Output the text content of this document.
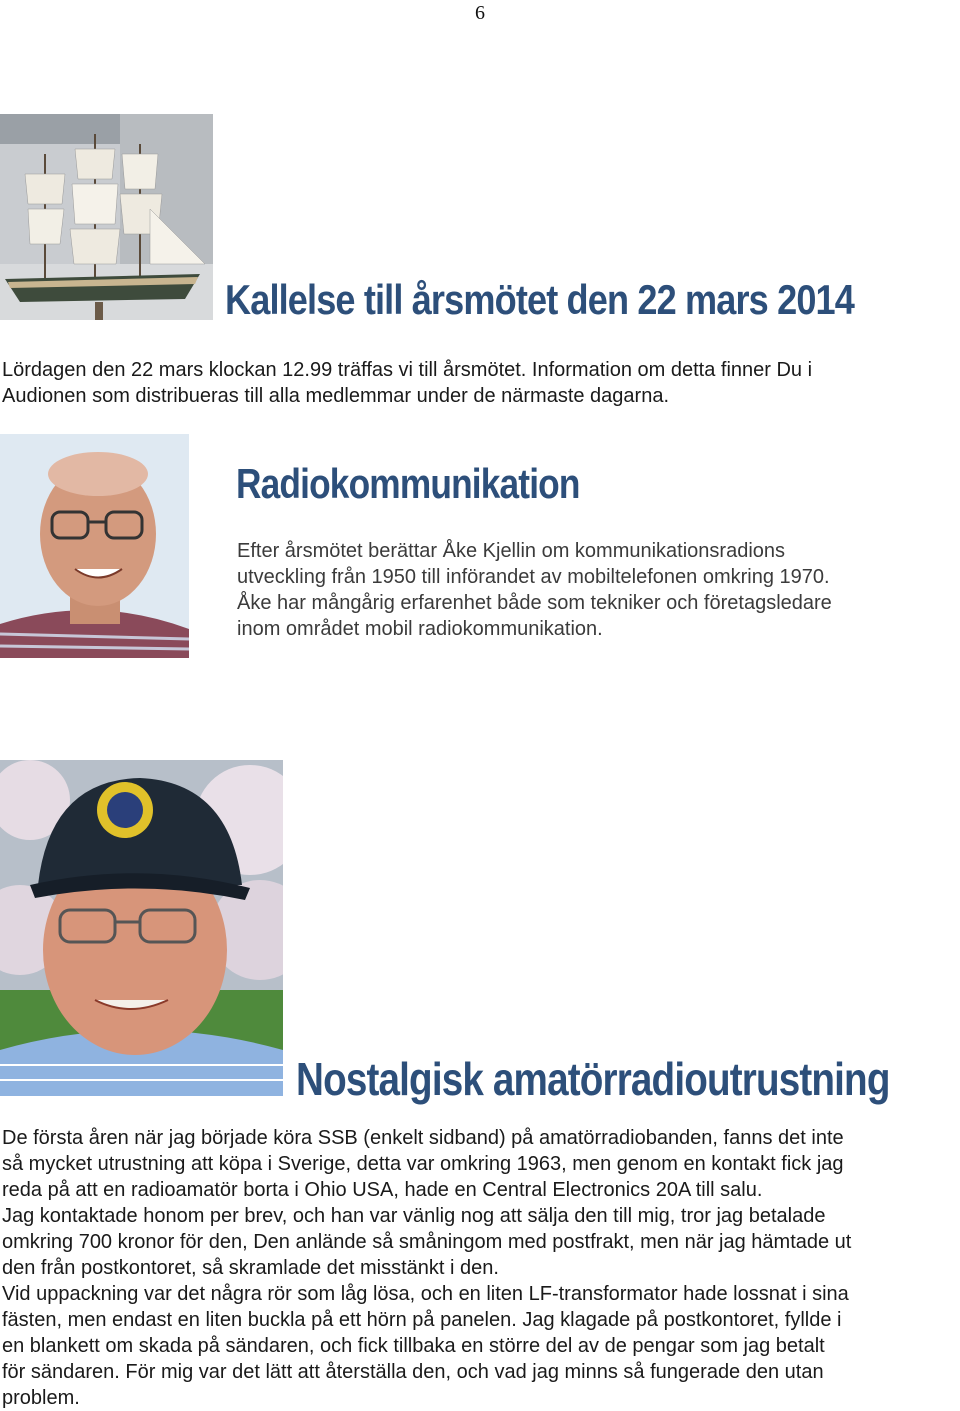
6
Kallelse till årsmötet den 22 mars 2014
Lördagen den 22 mars klockan 12.99 träffas vi till årsmötet. Information om detta finner Du i
Audionen som distribueras till alla medlemmar under de närmaste dagarna.
Radiokommunikation
Efter årsmötet berättar Åke Kjellin om kommunikationsradions
utveckling från 1950 till införandet av mobiltelefonen omkring 1970.
Åke har mångårig erfarenhet både som tekniker och företagsledare
inom området mobil radiokommunikation.
Nostalgisk amatörradioutrustning
De första åren när jag började köra SSB (enkelt sidband) på amatörradiobanden, fanns det inte
så mycket utrustning att köpa i Sverige, detta var omkring 1963, men genom en kontakt fick jag
reda på att en radioamatör borta i Ohio USA, hade en Central Electronics 20A till salu.
Jag kontaktade honom per brev, och han var vänlig nog att sälja den till mig, tror jag betalade
omkring 700 kronor för den, Den anlände så småningom med postfrakt, men när jag hämtade ut
den från postkontoret, så skramlade det misstänkt i den.
Vid uppackning var det några rör som låg lösa, och en liten LF-transformator hade lossnat i sina
fästen, men endast en liten buckla på ett hörn på panelen. Jag klagade på postkontoret, fyllde i
en blankett om skada på sändaren, och fick tillbaka en större del av de pengar som jag betalt
för sändaren. För mig var det lätt att återställa den, och vad jag minns så fungerade den utan
problem.
